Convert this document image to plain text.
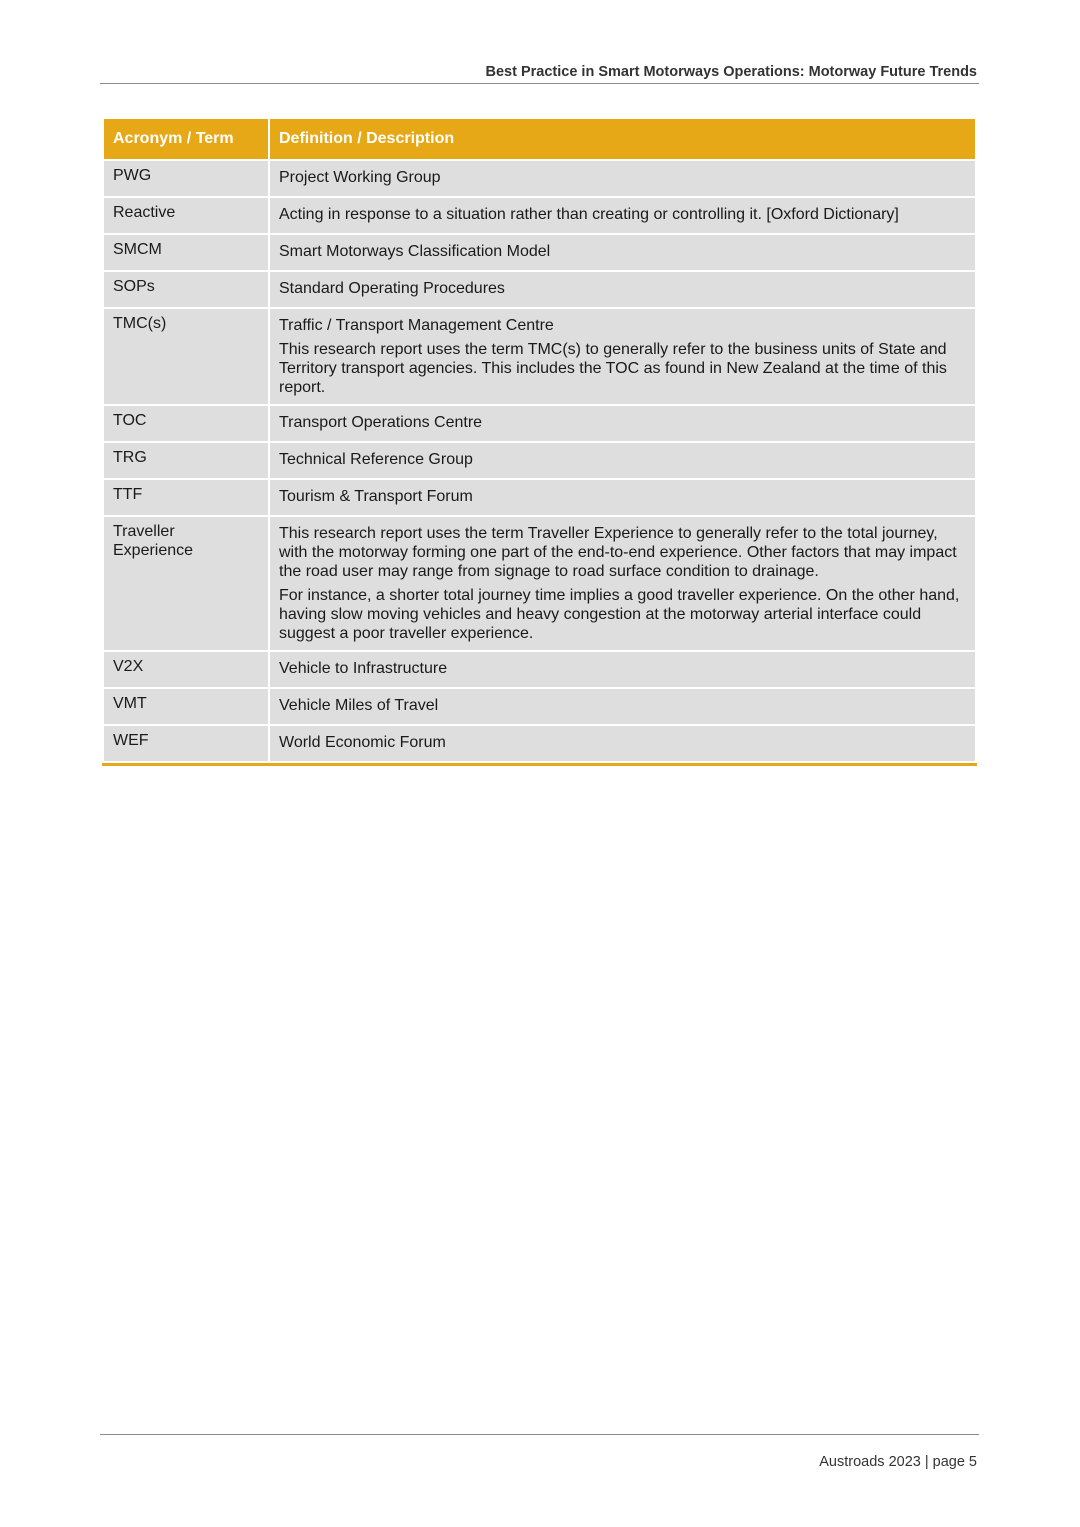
Best Practice in Smart Motorways Operations: Motorway Future Trends
Acronym / Term	Definition / Description
PWG	Project Working Group

Reactive	Acting in response to a situation rather than creating or controlling it. [Oxford Dictionary]

SMCM	Smart Motorways Classification Model

SOPs	Standard Operating Procedures

TMC(s)	Traffic / Transport Management Centre

This research report uses the term TMC(s) to generally refer to the business units of State and Territory transport agencies. This includes the TOC as found in New Zealand at the time of this report.

TOC	Transport Operations Centre

TRG	Technical Reference Group

TTF	Tourism & Transport Forum

Traveller Experience	This research report uses the term Traveller Experience to generally refer to the total journey, with the motorway forming one part of the end-to-end experience. Other factors that may impact the road user may range from signage to road surface condition to drainage.

For instance, a shorter total journey time implies a good traveller experience. On the other hand, having slow moving vehicles and heavy congestion at the motorway arterial interface could suggest a poor traveller experience.

V2X	Vehicle to Infrastructure

VMT	Vehicle Miles of Travel

WEF	World Economic Forum

Austroads 2023 | page 5
